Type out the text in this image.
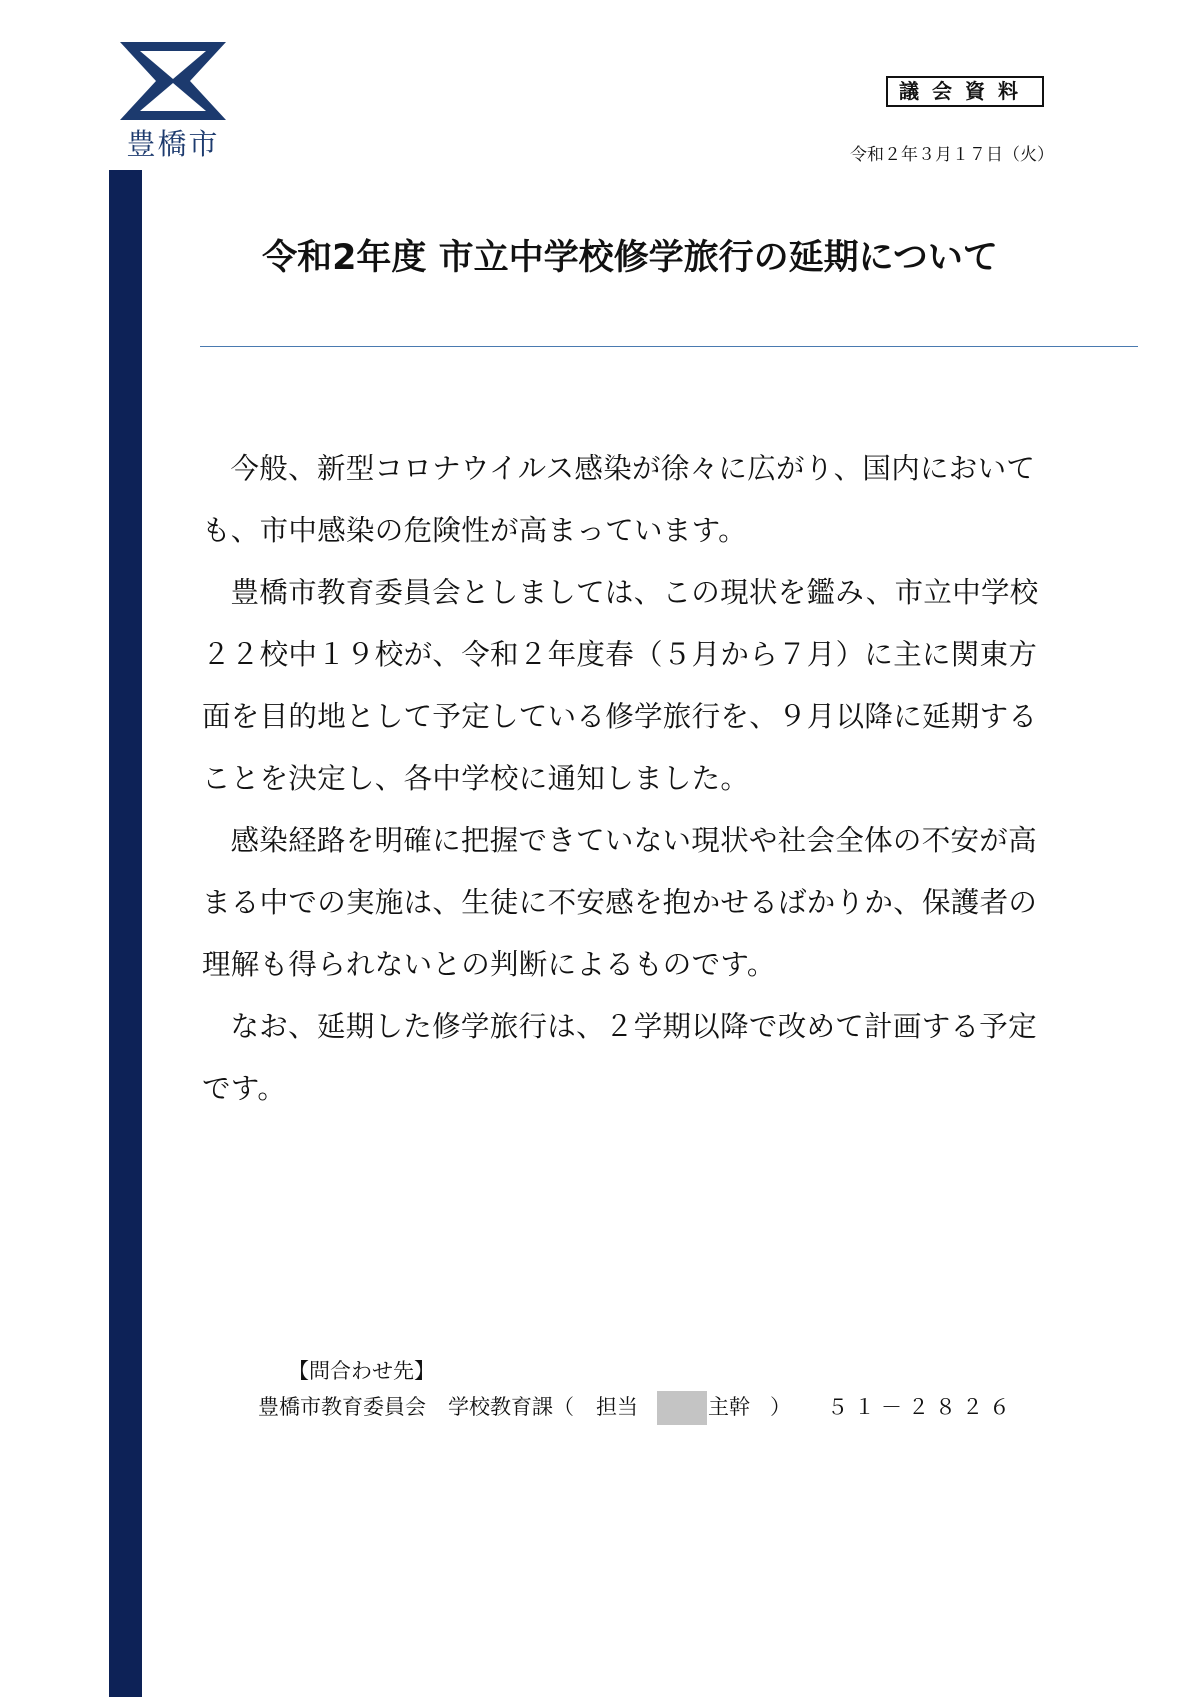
豊橋市
議会資料
令和２年３月１７日（火）
令和2年度 市立中学校修学旅行の延期について

今般、新型コロナウイルス感染が徐々に広がり、国内においても、市中感染の危険性が高まっています。

豊橋市教育委員会としましては、この現状を鑑み、市立中学校２２校中１９校が、令和２年度春（５月から７月）に主に関東方面を目的地として予定している修学旅行を、９月以降に延期することを決定し、各中学校に通知しました。

感染経路を明確に把握できていない現状や社会全体の不安が高まる中での実施は、生徒に不安感を抱かせるばかりか、保護者の理解も得られないとの判断によるものです。

なお、延期した修学旅行は、２学期以降で改めて計画する予定です。

【問合わせ先】
豊橋市教育委員会 学校教育課（ 担当	主幹 ） ５１－２８２６
